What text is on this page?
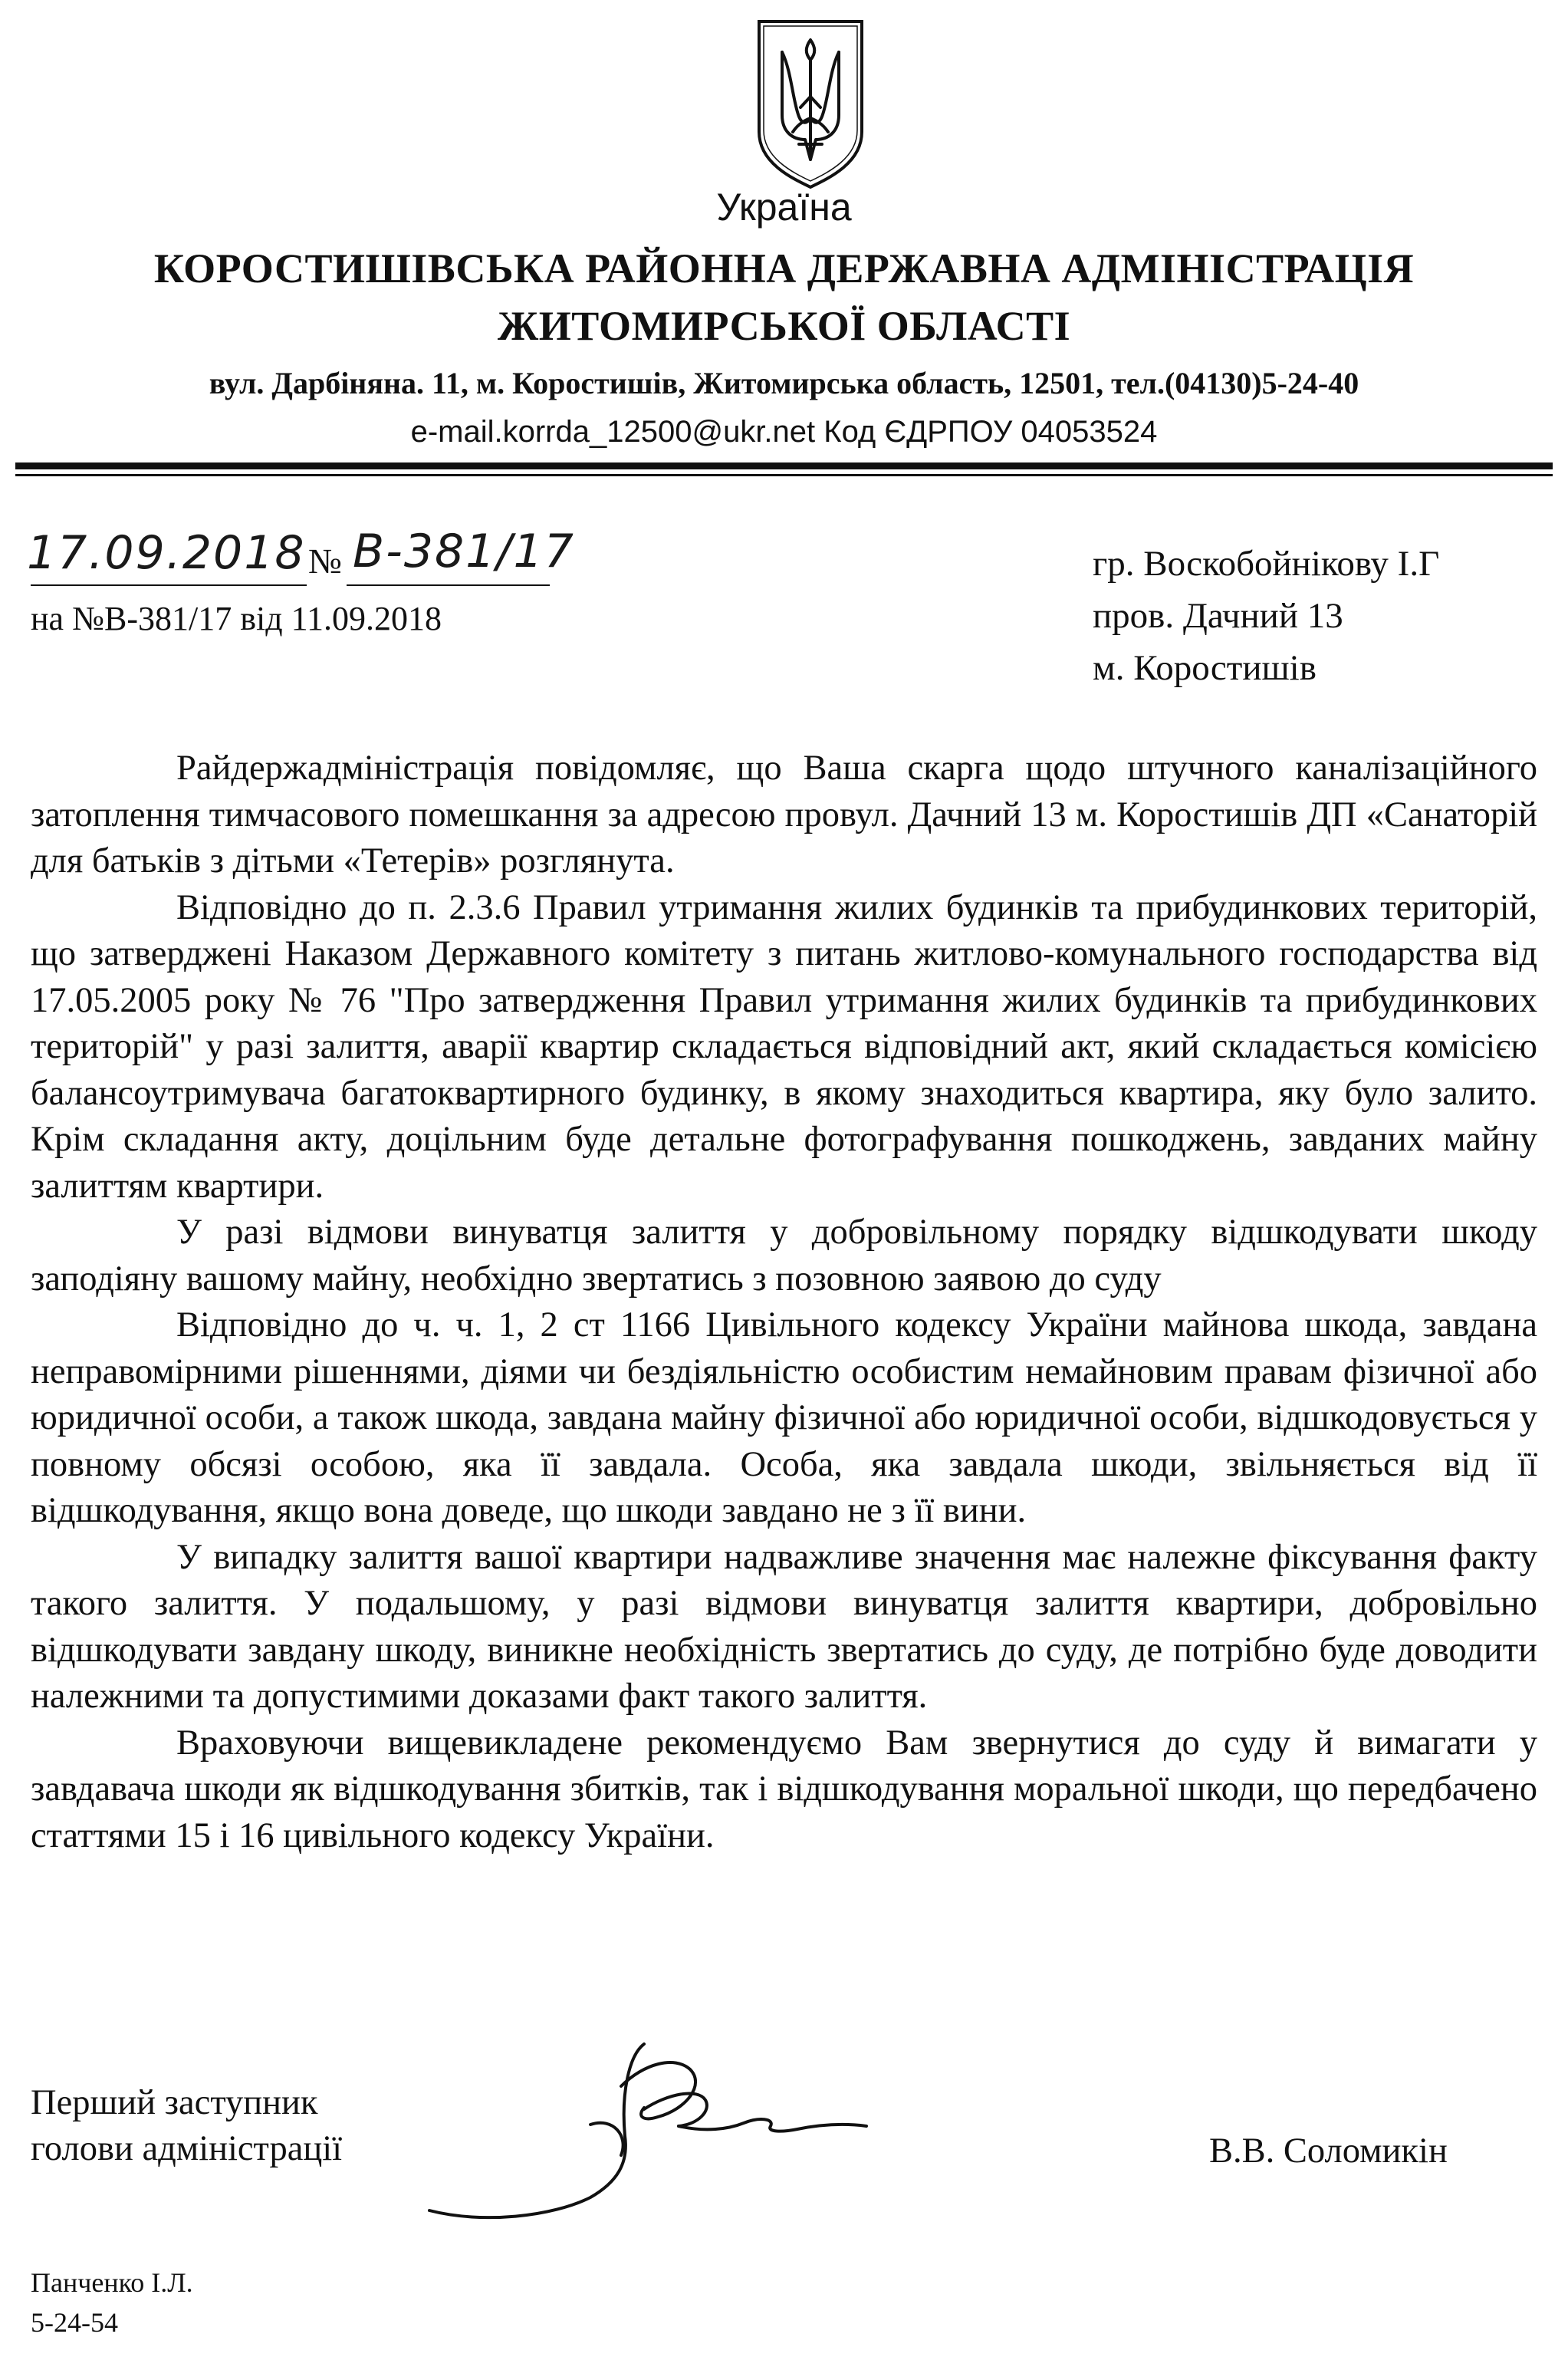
Україна
КОРОСТИШІВСЬКА РАЙОННА ДЕРЖАВНА АДМІНІСТРАЦІЯ
ЖИТОМИРСЬКОЇ ОБЛАСТІ
вул. Дарбіняна. 11, м. Коростишів, Житомирська область, 12501, тел.(04130)5-24-40
e-mail.korrda_12500@ukr.net Код ЄДРПОУ 04053524
17.09.2018 № В-381/17
на №В-381/17 від 11.09.2018
гр. Воскобойнікову І.Г
пров. Дачний 13
м. Коростишів

Райдержадміністрація повідомляє, що Ваша скарга щодо штучного каналізаційного затоплення тимчасового помешкання за адресою провул. Дачний 13 м. Коростишів ДП «Санаторій для батьків з дітьми «Тетерів» розглянута.

Відповідно до п. 2.3.6 Правил утримання жилих будинків та прибудинкових територій, що затверджені Наказом Державного комітету з питань житлово-комунального господарства від 17.05.2005 року № 76 "Про затвердження Правил утримання жилих будинків та прибудинкових територій" у разі залиття, аварії квартир складається відповідний акт, який складається комісією балансоутримувача багатоквартирного будинку, в якому знаходиться квартира, яку було залито. Крім складання акту, доцільним буде детальне фотографування пошкоджень, завданих майну залиттям квартири.

У разі відмови винуватця залиття у добровільному порядку відшкодувати шкоду заподіяну вашому майну, необхідно звертатись з позовною заявою до суду

Відповідно до ч. ч. 1, 2 ст 1166 Цивільного кодексу України майнова шкода, завдана неправомірними рішеннями, діями чи бездіяльністю особистим немайновим правам фізичної або юридичної особи, а також шкода, завдана майну фізичної або юридичної особи, відшкодовується у повному обсязі особою, яка її завдала. Особа, яка завдала шкоди, звільняється від її відшкодування, якщо вона доведе, що шкоди завдано не з її вини.

У випадку залиття вашої квартири надважливе значення має належне фіксування факту такого залиття. У подальшому, у разі відмови винуватця залиття квартири, добровільно відшкодувати завдану шкоду, виникне необхідність звертатись до суду, де потрібно буде доводити належними та допустимими доказами факт такого залиття.

Враховуючи вищевикладене рекомендуємо Вам звернутися до суду й вимагати у завдавача шкоди як відшкодування збитків, так і відшкодування моральної шкоди, що передбачено статтями 15 і 16 цивільного кодексу України.

Перший заступник
голови адміністрації	В.В. Соломикін
Панченко І.Л.
5-24-54
